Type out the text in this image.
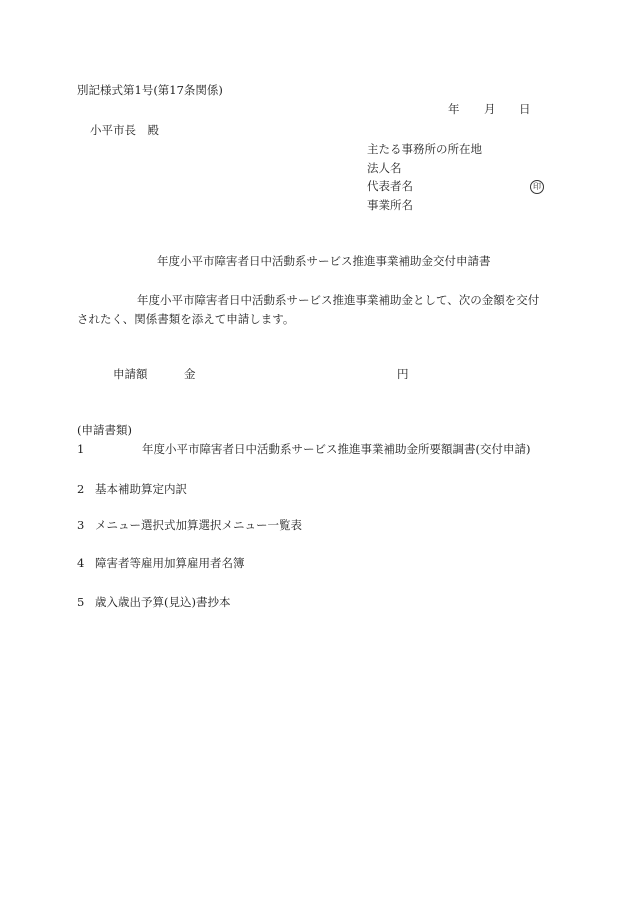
別記様式第1号(第17条関係)
年 月 日
小平市長　殿
主たる事務所の所在地
法人名
代表者名	印
事業所名
年度小平市障害者日中活動系サービス推進事業補助金交付申請書
年度小平市障害者日中活動系サービス推進事業補助金として、次の金額を交付
されたく、関係書類を添えて申請します。
申請額	金	円
(申請書類)
1	年度小平市障害者日中活動系サービス推進事業補助金所要額調書(交付申請)
2 基本補助算定内訳
3 メニュー選択式加算選択メニュー一覧表
4 障害者等雇用加算雇用者名簿
5 歳入歳出予算(見込)書抄本
